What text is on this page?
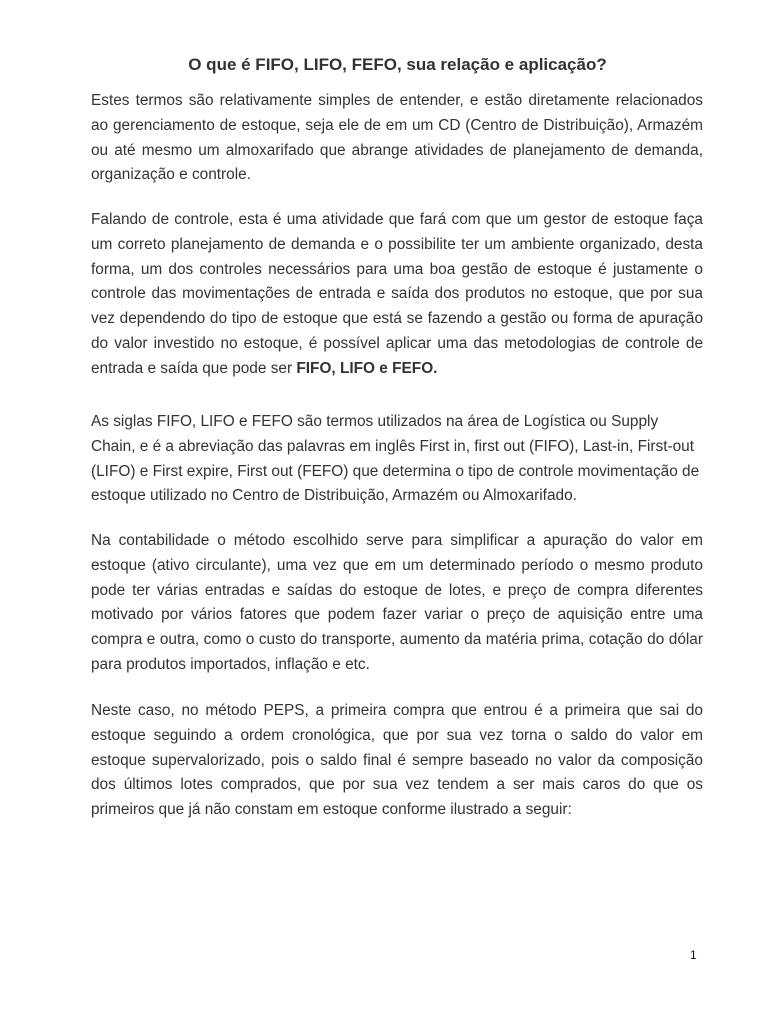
O que é FIFO, LIFO, FEFO, sua relação e aplicação?

Estes termos são relativamente simples de entender, e estão diretamente relacionados ao gerenciamento de estoque, seja ele de em um CD (Centro de Distribuição), Armazém ou até mesmo um almoxarifado que abrange atividades de planejamento de demanda, organização e controle.

Falando de controle, esta é uma atividade que fará com que um gestor de estoque faça um correto planejamento de demanda e o possibilite ter um ambiente organizado, desta forma, um dos controles necessários para uma boa gestão de estoque é justamente o controle das movimentações de entrada e saída dos produtos no estoque, que por sua vez dependendo do tipo de estoque que está se fazendo a gestão ou forma de apuração do valor investido no estoque, é possível aplicar uma das metodologias de controle de entrada e saída que pode ser FIFO, LIFO e FEFO.

As siglas FIFO, LIFO e FEFO são termos utilizados na área de Logística ou Supply Chain, e é a abreviação das palavras em inglês First in, first out (FIFO), Last-in, First-out (LIFO) e First expire, First out (FEFO) que determina o tipo de controle movimentação de estoque utilizado no Centro de Distribuição, Armazém ou Almoxarifado.

Na contabilidade o método escolhido serve para simplificar a apuração do valor em estoque (ativo circulante), uma vez que em um determinado período o mesmo produto pode ter várias entradas e saídas do estoque de lotes, e preço de compra diferentes motivado por vários fatores que podem fazer variar o preço de aquisição entre uma compra e outra, como o custo do transporte, aumento da matéria prima, cotação do dólar para produtos importados, inflação e etc.

Neste caso, no método PEPS, a primeira compra que entrou é a primeira que sai do estoque seguindo a ordem cronológica, que por sua vez torna o saldo do valor em estoque supervalorizado, pois o saldo final é sempre baseado no valor da composição dos últimos lotes comprados, que por sua vez tendem a ser mais caros do que os primeiros que já não constam em estoque conforme ilustrado a seguir:

1
